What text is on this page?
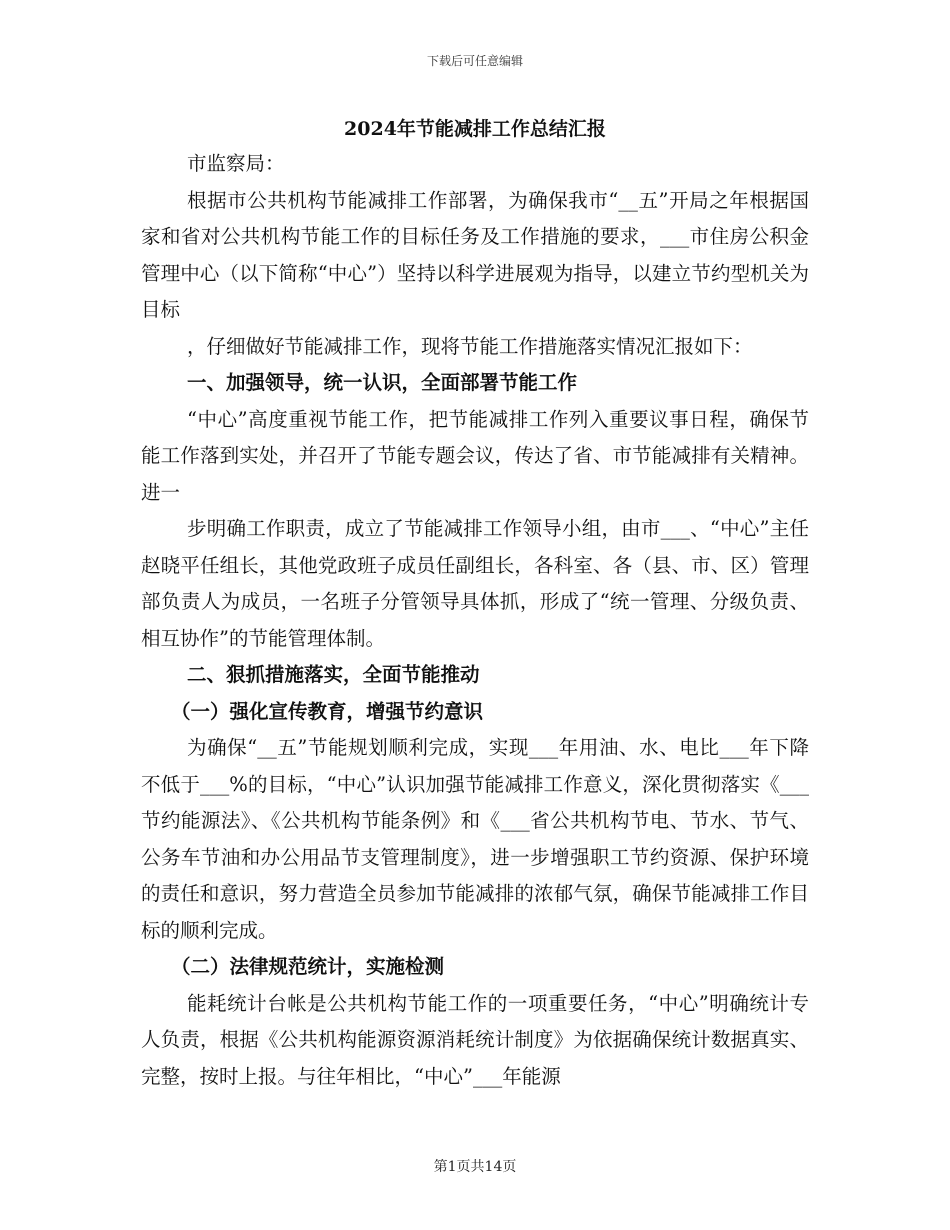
下载后可任意编辑
2024年节能减排工作总结汇报

市监察局：

根据市公共机构节能减排工作部署，为确保我市“__五”开局之年根据国家和省对公共机构节能工作的目标任务及工作措施的要求，___市住房公积金管理中心（以下简称“中心”）坚持以科学进展观为指导，以建立节约型机关为目标

，仔细做好节能减排工作，现将节能工作措施落实情况汇报如下：

一、加强领导，统一认识，全面部署节能工作

“中心”高度重视节能工作，把节能减排工作列入重要议事日程，确保节能工作落到实处，并召开了节能专题会议，传达了省、市节能减排有关精神。进一

步明确工作职责，成立了节能减排工作领导小组，由市___、“中心”主任赵晓平任组长，其他党政班子成员任副组长，各科室、各（县、市、区）管理部负责人为成员，一名班子分管领导具体抓，形成了“统一管理、分级负责、相互协作”的节能管理体制。

二、狠抓措施落实，全面节能推动

（一）强化宣传教育，增强节约意识

为确保“__五”节能规划顺利完成，实现___年用油、水、电比___年下降不低于___%的目标，“中心”认识加强节能减排工作意义，深化贯彻落实《___节约能源法》、《公共机构节能条例》和《___省公共机构节电、节水、节气、公务车节油和办公用品节支管理制度》，进一步增强职工节约资源、保护环境的责任和意识，努力营造全员参加节能减排的浓郁气氛，确保节能减排工作目标的顺利完成。

（二）法律规范统计，实施检测

能耗统计台帐是公共机构节能工作的一项重要任务，“中心”明确统计专人负责，根据《公共机构能源资源消耗统计制度》为依据确保统计数据真实、完整，按时上报。与往年相比，“中心”___年能源

第1页共14页
